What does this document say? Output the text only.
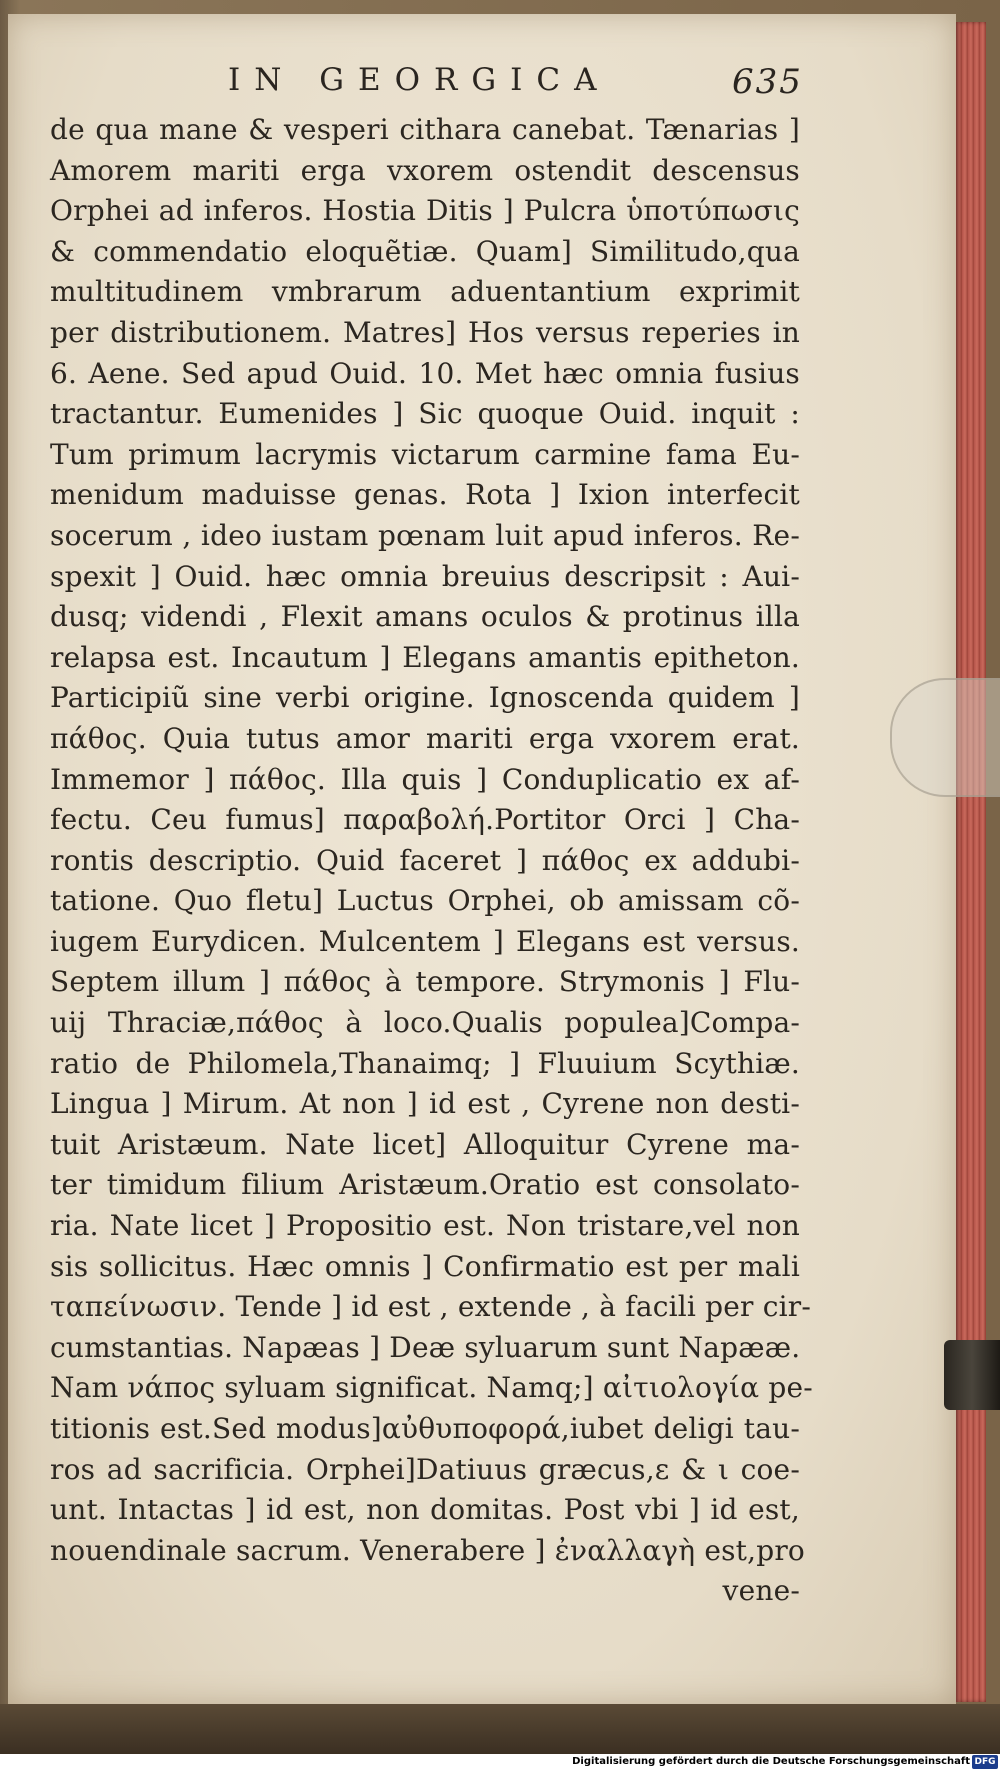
IN GEORGICA	635
de qua mane & vesperi cithara canebat. Tænarias ]
Amorem mariti erga vxorem ostendit descensus
Orphei ad inferos. Hostia Ditis ] Pulcra ὑποτύπωσις
& commendatio eloquẽtiæ. Quam] Similitudo,qua
multitudinem vmbrarum aduentantium exprimit
per distributionem. Matres] Hos versus reperies in
6. Aene. Sed apud Ouid. 10. Met hæc omnia fusius
tractantur. Eumenides ] Sic quoque Ouid. inquit :
Tum primum lacrymis victarum carmine fama Eu-
menidum maduisse genas. Rota ] Ixion interfecit
socerum , ideo iustam pœnam luit apud inferos. Re-
spexit ] Ouid. hæc omnia breuius descripsit : Aui-
dusq; videndi , Flexit amans oculos & protinus illa
relapsa est. Incautum ] Elegans amantis epitheton.
Participiũ sine verbi origine. Ignoscenda quidem ]
πάθος. Quia tutus amor mariti erga vxorem erat.
Immemor ] πάθος. Illa quis ] Conduplicatio ex af-
fectu. Ceu fumus] παραβολή.Portitor Orci ] Cha-
rontis descriptio. Quid faceret ] πάθος ex addubi-
tatione. Quo fletu] Luctus Orphei, ob amissam cõ-
iugem Eurydicen. Mulcentem ] Elegans est versus.
Septem illum ] πάθος à tempore. Strymonis ] Flu-
uij Thraciæ,πάθος à loco.Qualis populea]Compa-
ratio de Philomela,Thanaimq; ] Fluuium Scythiæ.
Lingua ] Mirum. At non ] id est , Cyrene non desti-
tuit Aristæum. Nate licet] Alloquitur Cyrene ma-
ter timidum filium Aristæum.Oratio est consolato-
ria. Nate licet ] Propositio est. Non tristare,vel non
sis sollicitus. Hæc omnis ] Confirmatio est per mali
ταπείνωσιν. Tende ] id est , extende , à facili per cir-
cumstantias. Napæas ] Deæ syluarum sunt Napææ.
Nam νάπος syluam significat. Namq;] αἰτιολογία pe-
titionis est.Sed modus]αὐθυποφορά,iubet deligi tau-
ros ad sacrificia. Orphei]Datiuus græcus,ε & ι coe-
unt. Intactas ] id est, non domitas. Post vbi ] id est,
nouendinale sacrum. Venerabere ] ἐναλλαγὴ est,pro
vene-
Digitalisierung gefördert durch die Deutsche Forschungsgemeinschaft DFG
